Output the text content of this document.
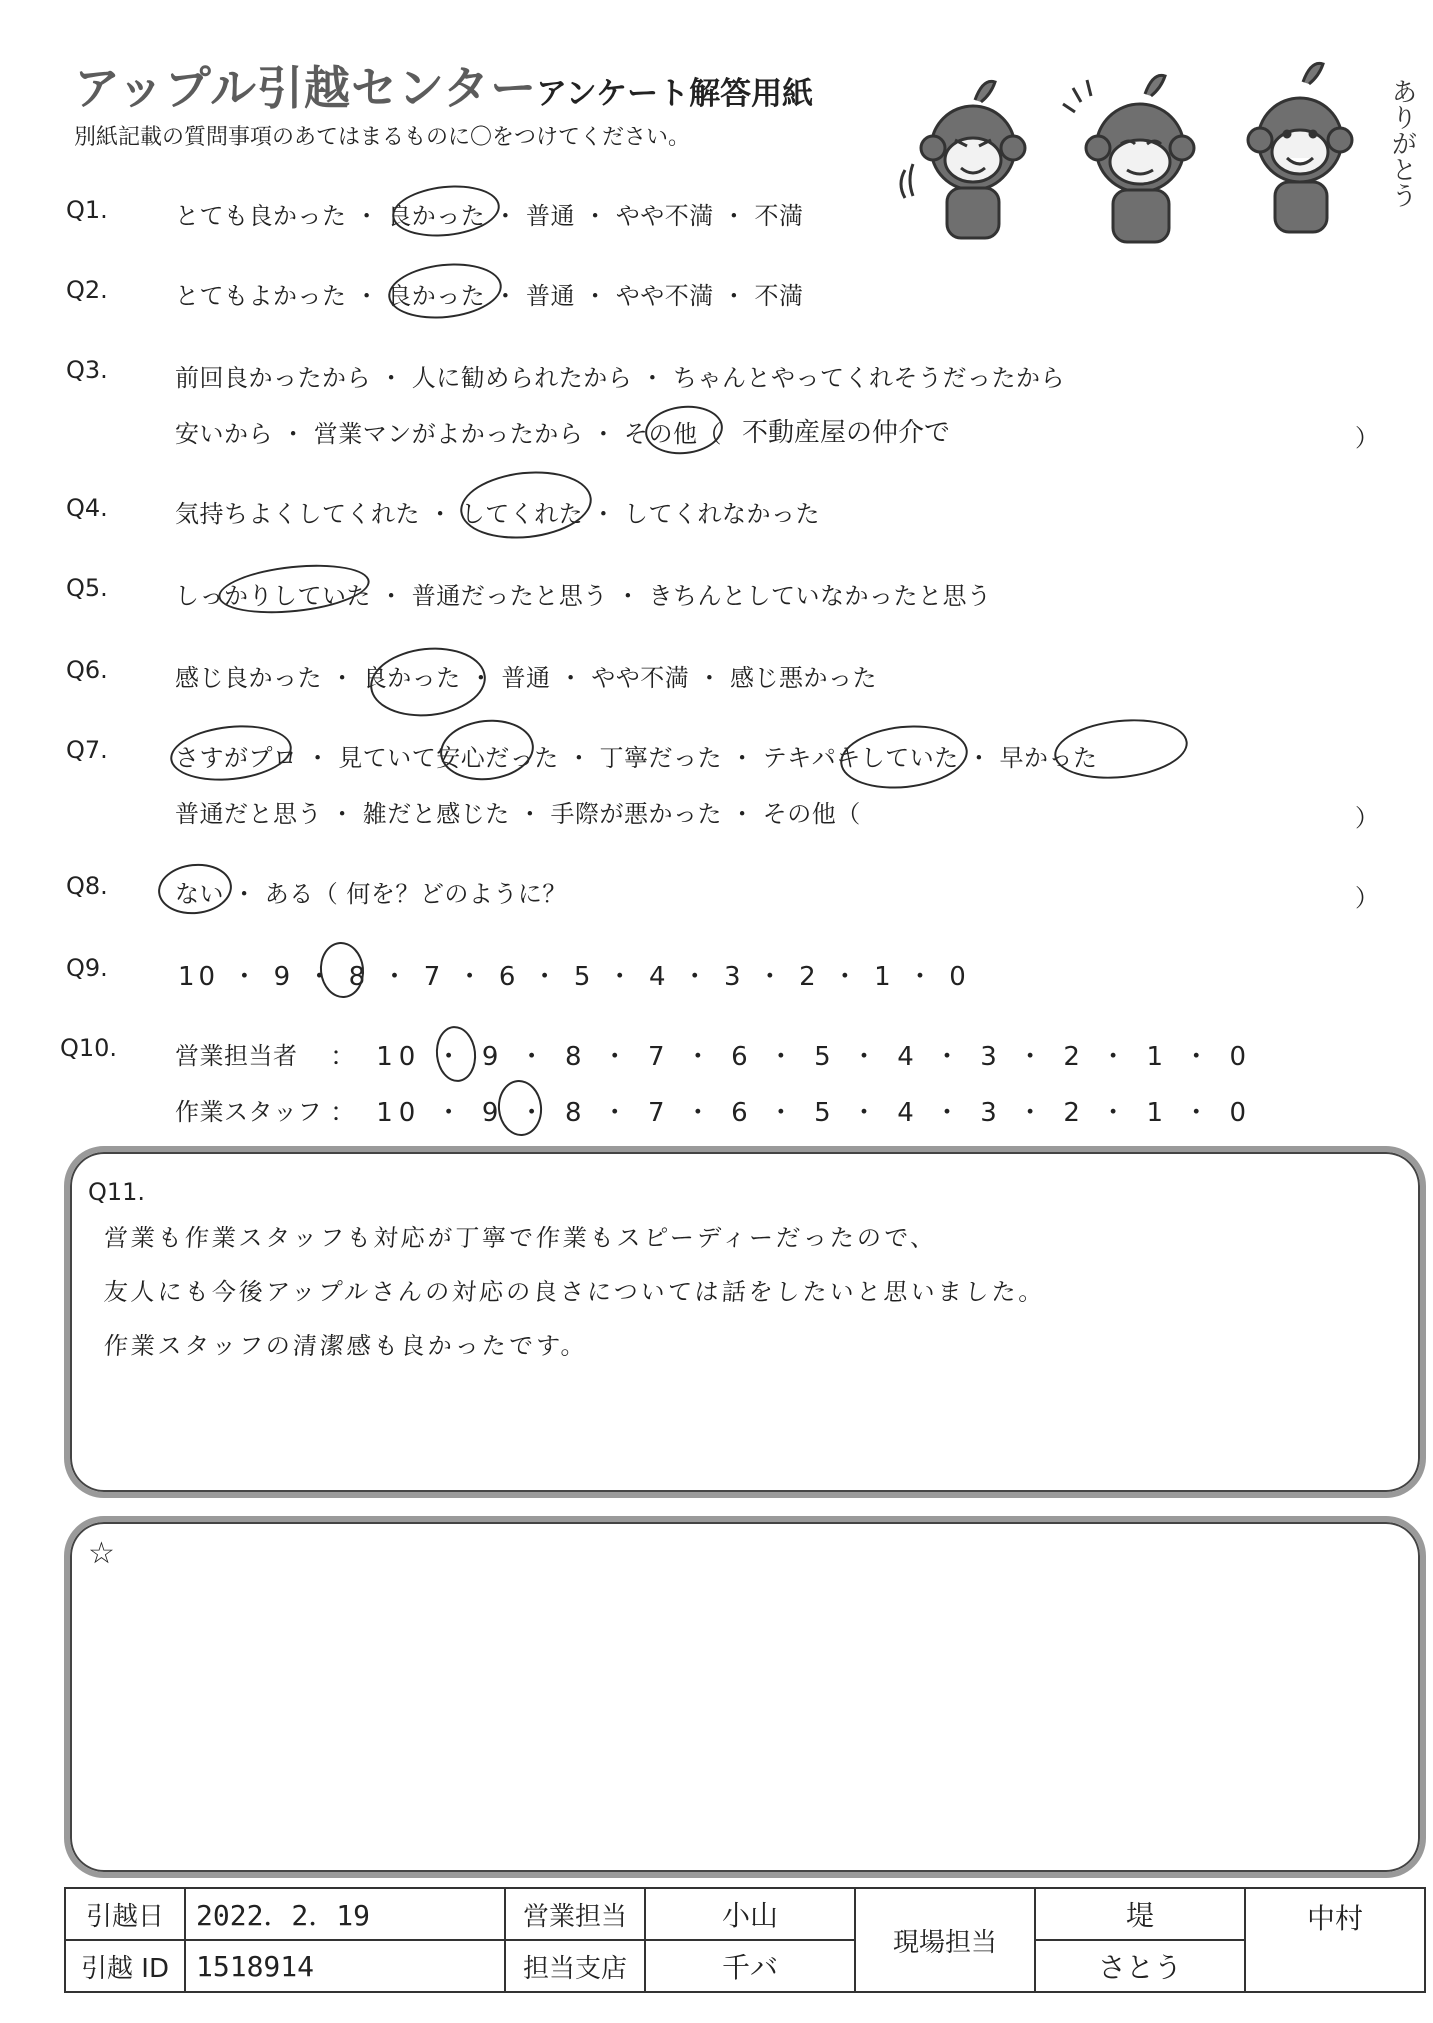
アップル引越センター
アンケート解答用紙
別紙記載の質問事項のあてはまるものに〇をつけてください。	ありがとう
Q1.	とても良かった ・ 良かった ・ 普通 ・ やや不満 ・ 不満
Q2.	とてもよかった ・ 良かった ・ 普通 ・ やや不満 ・ 不満
Q3.	前回良かったから ・ 人に勧められたから ・ ちゃんとやってくれそうだったから
安いから ・ 営業マンがよかったから ・ その他（ 不動産屋の仲介で	）
Q4.	気持ちよくしてくれた ・ してくれた ・ してくれなかった
Q5.	しっかりしていた ・ 普通だったと思う ・ きちんとしていなかったと思う
Q6.	感じ良かった ・ 良かった ・ 普通 ・ やや不満 ・ 感じ悪かった
Q7.	さすがプロ ・ 見ていて安心だった ・ 丁寧だった ・ テキパキしていた ・ 早かった
普通だと思う ・ 雑だと感じた ・ 手際が悪かった ・ その他（	）
Q8.	ない ・ ある（ 何を？どのように？	）
Q9.	10 ・ 9 ・ 8 ・ 7 ・ 6 ・ 5 ・ 4 ・ 3 ・ 2 ・ 1 ・ 0
Q10. 営業担当者 ： 10 ・ 9 ・ 8 ・ 7 ・ 6 ・ 5 ・ 4 ・ 3 ・ 2 ・ 1 ・ 0
作業スタッフ ： 10 ・ 9 ・ 8 ・ 7 ・ 6 ・ 5 ・ 4 ・ 3 ・ 2 ・ 1 ・ 0
Q11.
営業も作業スタッフも対応が丁寧で作業もスピーディーだったので、
友人にも今後アップルさんの対応の良さについては話をしたいと思いました。
作業スタッフの清潔感も良かったです。
☆
引越日	2022．2．19	営業担当	小山	現場担当	堤	中村
引越 ID	1518914	担当支店	千バ		さとう	
